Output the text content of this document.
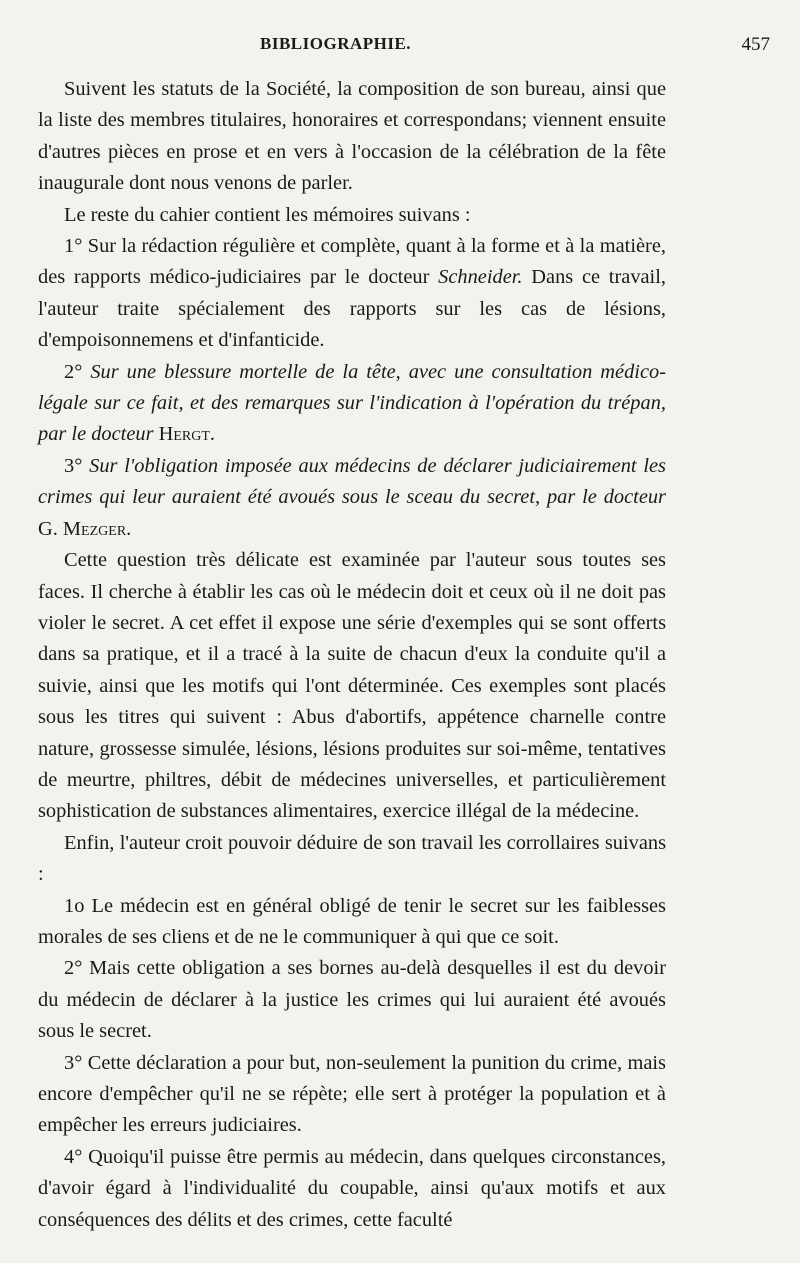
BIBLIOGRAPHIE.	457

Suivent les statuts de la Société, la composition de son bureau, ainsi que la liste des membres titulaires, honoraires et correspondans; viennent ensuite d'autres pièces en prose et en vers à l'occasion de la célébration de la fête inaugurale dont nous venons de parler.

Le reste du cahier contient les mémoires suivans :

1° Sur la rédaction régulière et complète, quant à la forme et à la matière, des rapports médico-judiciaires par le docteur Schneider. Dans ce travail, l'auteur traite spécialement des rapports sur les cas de lésions, d'empoisonnemens et d'infanticide.

2° Sur une blessure mortelle de la tête, avec une consultation médico-légale sur ce fait, et des remarques sur l'indication à l'opération du trépan, par le docteur Hergt.

3° Sur l'obligation imposée aux médecins de déclarer judiciairement les crimes qui leur auraient été avoués sous le sceau du secret, par le docteur G. Mezger.

Cette question très délicate est examinée par l'auteur sous toutes ses faces. Il cherche à établir les cas où le médecin doit et ceux où il ne doit pas violer le secret. A cet effet il expose une série d'exemples qui se sont offerts dans sa pratique, et il a tracé à la suite de chacun d'eux la conduite qu'il a suivie, ainsi que les motifs qui l'ont déterminée. Ces exemples sont placés sous les titres qui suivent : Abus d'abortifs, appétence charnelle contre nature, grossesse simulée, lésions, lésions produites sur soi-même, tentatives de meurtre, philtres, débit de médecines universelles, et particulièrement sophistication de substances alimentaires, exercice illégal de la médecine.

Enfin, l'auteur croit pouvoir déduire de son travail les corrollaires suivans :

1o Le médecin est en général obligé de tenir le secret sur les faiblesses morales de ses cliens et de ne le communiquer à qui que ce soit.

2° Mais cette obligation a ses bornes au-delà desquelles il est du devoir du médecin de déclarer à la justice les crimes qui lui auraient été avoués sous le secret.

3° Cette déclaration a pour but, non-seulement la punition du crime, mais encore d'empêcher qu'il ne se répète; elle sert à protéger la population et à empêcher les erreurs judiciaires.

4° Quoiqu'il puisse être permis au médecin, dans quelques circonstances, d'avoir égard à l'individualité du coupable, ainsi qu'aux motifs et aux conséquences des délits et des crimes, cette faculté
